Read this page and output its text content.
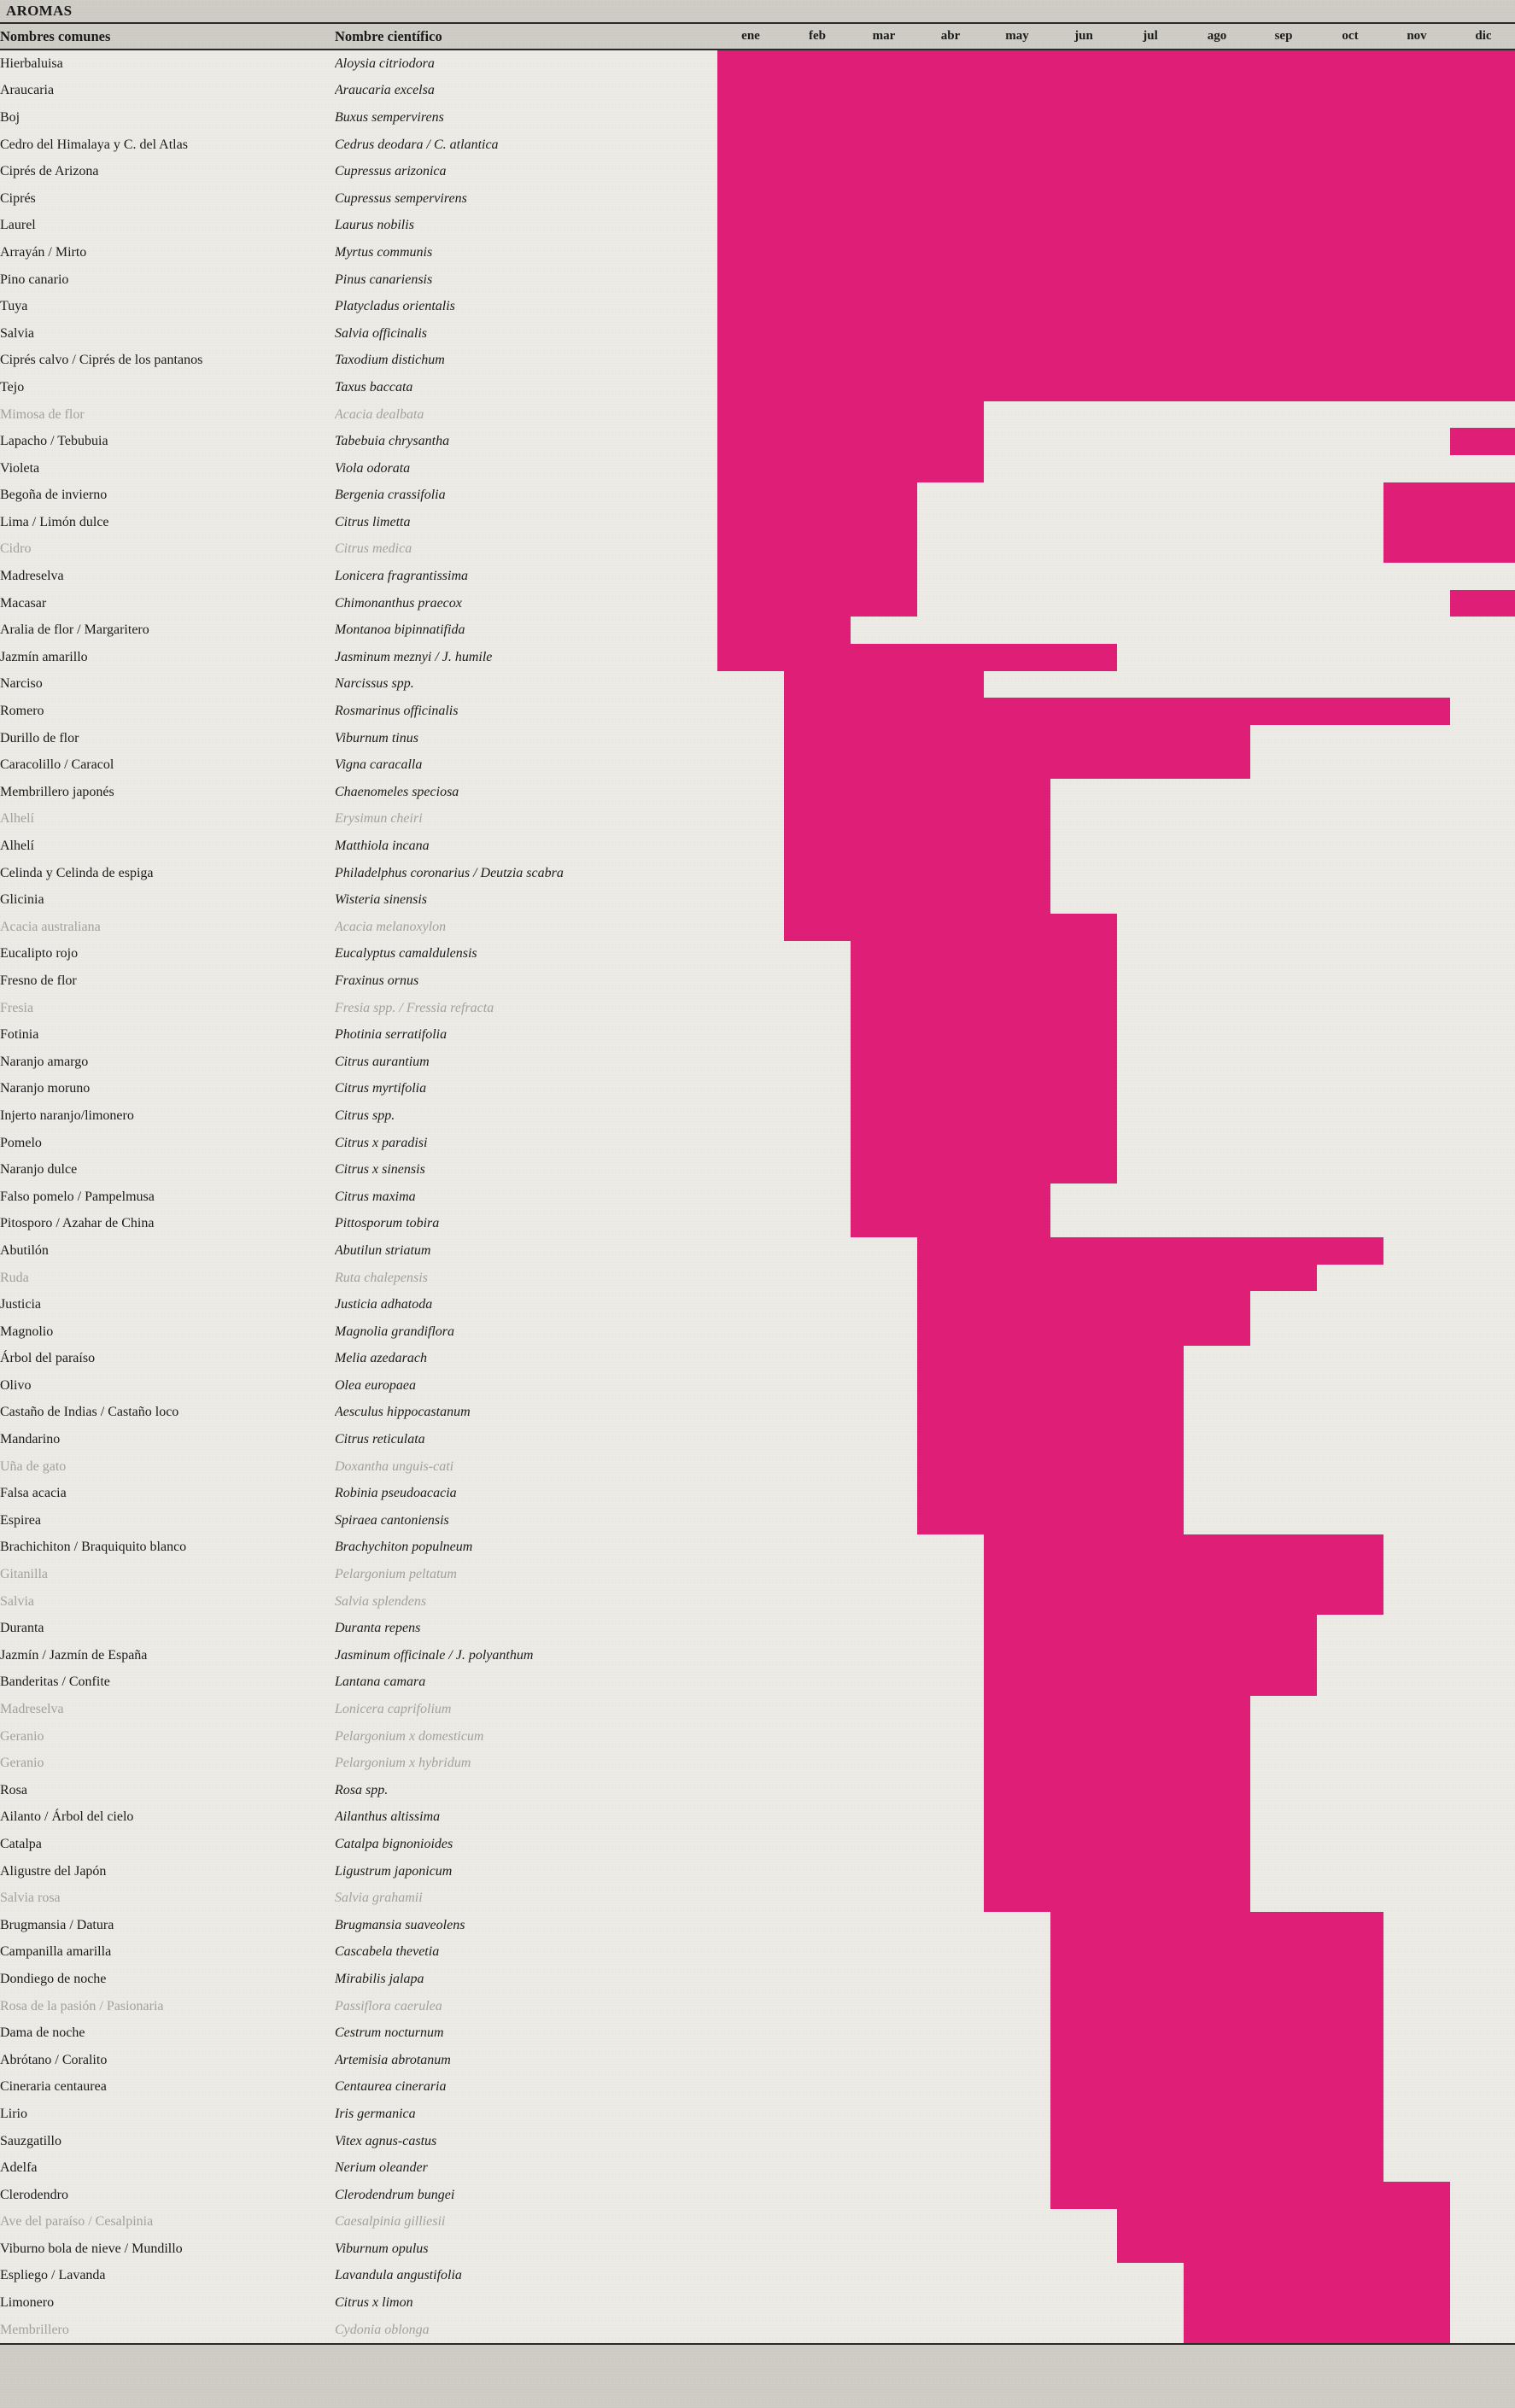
AROMAS
Nombres comunes	Nombre científico	ene	feb	mar	abr	may	jun	jul	ago	sep	oct	nov	dic
Hierbaluisa	Aloysia citriodora												
Araucaria	Araucaria excelsa												
Boj	Buxus sempervirens												
Cedro del Himalaya y C. del Atlas	Cedrus deodara / C. atlantica												
Ciprés de Arizona	Cupressus arizonica												
Ciprés	Cupressus sempervirens												
Laurel	Laurus nobilis												
Arrayán / Mirto	Myrtus communis												
Pino canario	Pinus canariensis												
Tuya	Platycladus orientalis												
Salvia	Salvia officinalis												
Ciprés calvo / Ciprés de los pantanos	Taxodium distichum												
Tejo	Taxus baccata												
Mimosa de flor	Acacia dealbata												
Lapacho / Tebubuia	Tabebuia chrysantha												
Violeta	Viola odorata												
Begoña de invierno	Bergenia crassifolia												
Lima / Limón dulce	Citrus limetta												
Cidro	Citrus medica												
Madreselva	Lonicera fragrantissima												
Macasar	Chimonanthus praecox												
Aralia de flor / Margaritero	Montanoa bipinnatifida												
Jazmín amarillo	Jasminum meznyi / J. humile												
Narciso	Narcissus spp.												
Romero	Rosmarinus officinalis												
Durillo de flor	Viburnum tinus												
Caracolillo / Caracol	Vigna caracalla												
Membrillero japonés	Chaenomeles speciosa												
Alhelí	Erysimun cheiri												
Alhelí	Matthiola incana												
Celinda y Celinda de espiga	Philadelphus coronarius / Deutzia scabra												
Glicinia	Wisteria sinensis												
Acacia australiana	Acacia melanoxylon												
Eucalipto rojo	Eucalyptus camaldulensis												
Fresno de flor	Fraxinus ornus												
Fresia	Fresia spp. / Fressia refracta												
Fotinia	Photinia serratifolia												
Naranjo amargo	Citrus aurantium												
Naranjo moruno	Citrus myrtifolia												
Injerto naranjo/limonero	Citrus spp.												
Pomelo	Citrus x paradisi												
Naranjo dulce	Citrus x sinensis												
Falso pomelo / Pampelmusa	Citrus maxima												
Pitosporo / Azahar de China	Pittosporum tobira												
Abutilón	Abutilun striatum												
Ruda	Ruta chalepensis												
Justicia	Justicia adhatoda												
Magnolio	Magnolia grandiflora												
Árbol del paraíso	Melia azedarach												
Olivo	Olea europaea												
Castaño de Indias / Castaño loco	Aesculus hippocastanum												
Mandarino	Citrus reticulata												
Uña de gato	Doxantha unguis-cati												
Falsa acacia	Robinia pseudoacacia												
Espirea	Spiraea cantoniensis												
Brachichiton / Braquiquito blanco	Brachychiton populneum												
Gitanilla	Pelargonium peltatum												
Salvia	Salvia splendens												
Duranta	Duranta repens												
Jazmín / Jazmín de España	Jasminum officinale / J. polyanthum												
Banderitas / Confite	Lantana camara												
Madreselva	Lonicera caprifolium												
Geranio	Pelargonium x domesticum												
Geranio	Pelargonium x hybridum												
Rosa	Rosa spp.												
Ailanto / Árbol del cielo	Ailanthus altissima												
Catalpa	Catalpa bignonioides												
Aligustre del Japón	Ligustrum japonicum												
Salvia rosa	Salvia grahamii												
Brugmansia / Datura	Brugmansia suaveolens												
Campanilla amarilla	Cascabela thevetia												
Dondiego de noche	Mirabilis jalapa												
Rosa de la pasión / Pasionaria	Passiflora caerulea												
Dama de noche	Cestrum nocturnum												
Abrótano / Coralito	Artemisia abrotanum												
Cineraria centaurea	Centaurea cineraria												
Lirio	Iris germanica												
Sauzgatillo	Vitex agnus-castus												
Adelfa	Nerium oleander												
Clerodendro	Clerodendrum bungei												
Ave del paraíso / Cesalpinia	Caesalpinia gilliesii												
Viburno bola de nieve / Mundillo	Viburnum opulus												
Espliego / Lavanda	Lavandula angustifolia												
Limonero	Citrus x limon												
Membrillero	Cydonia oblonga												
